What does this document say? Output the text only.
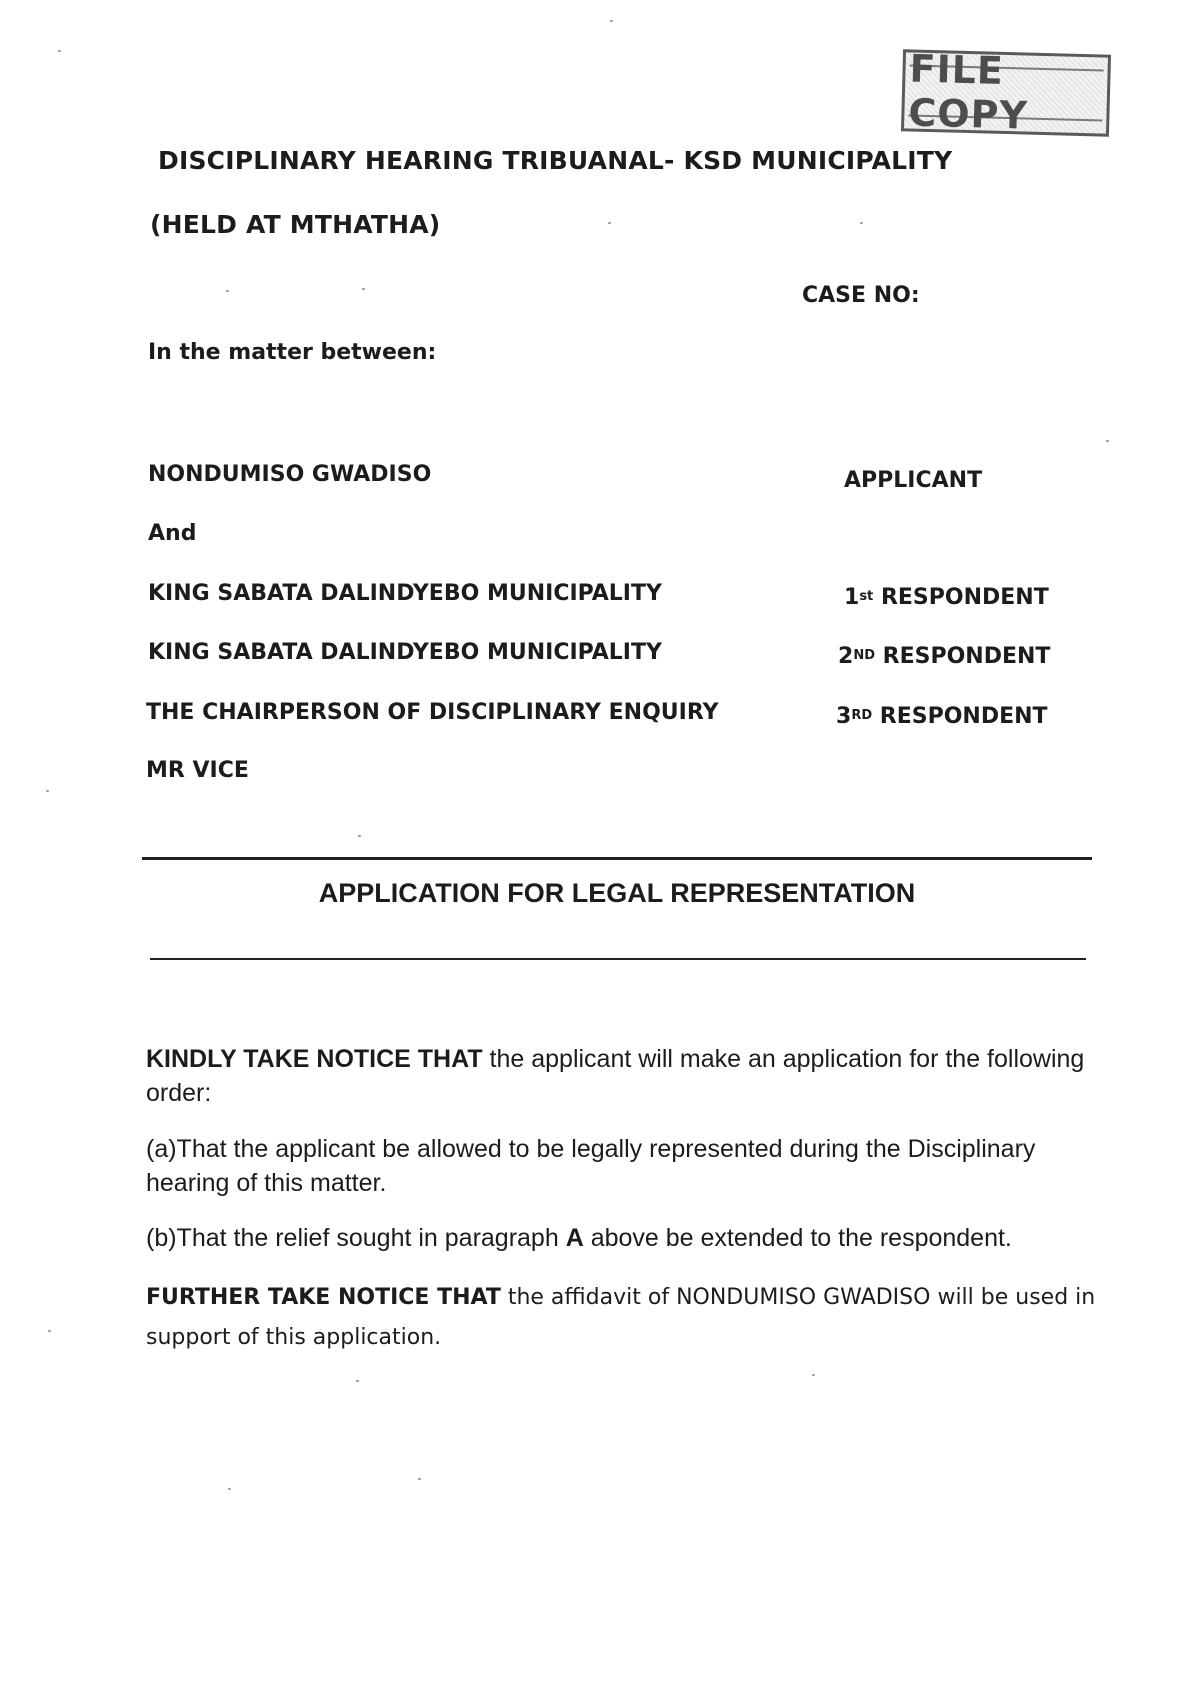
FILE COPY
DISCIPLINARY HEARING TRIBUANAL- KSD MUNICIPALITY
(HELD AT MTHATHA)
CASE NO:
In the matter between:
NONDUMISO GWADISO	APPLICANT
And
KING SABATA DALINDYEBO MUNICIPALITY	1st RESPONDENT
KING SABATA DALINDYEBO MUNICIPALITY	2ND RESPONDENT
THE CHAIRPERSON OF DISCIPLINARY ENQUIRY	3RD RESPONDENT
MR VICE
APPLICATION FOR LEGAL REPRESENTATION
KINDLY TAKE NOTICE THAT the applicant will make an application for the following order:
(a)That the applicant be allowed to be legally represented during the Disciplinary hearing of this matter.
(b)That the relief sought in paragraph A above be extended to the respondent.
FURTHER TAKE NOTICE THAT the affidavit of NONDUMISO GWADISO will be used in support of this application.
